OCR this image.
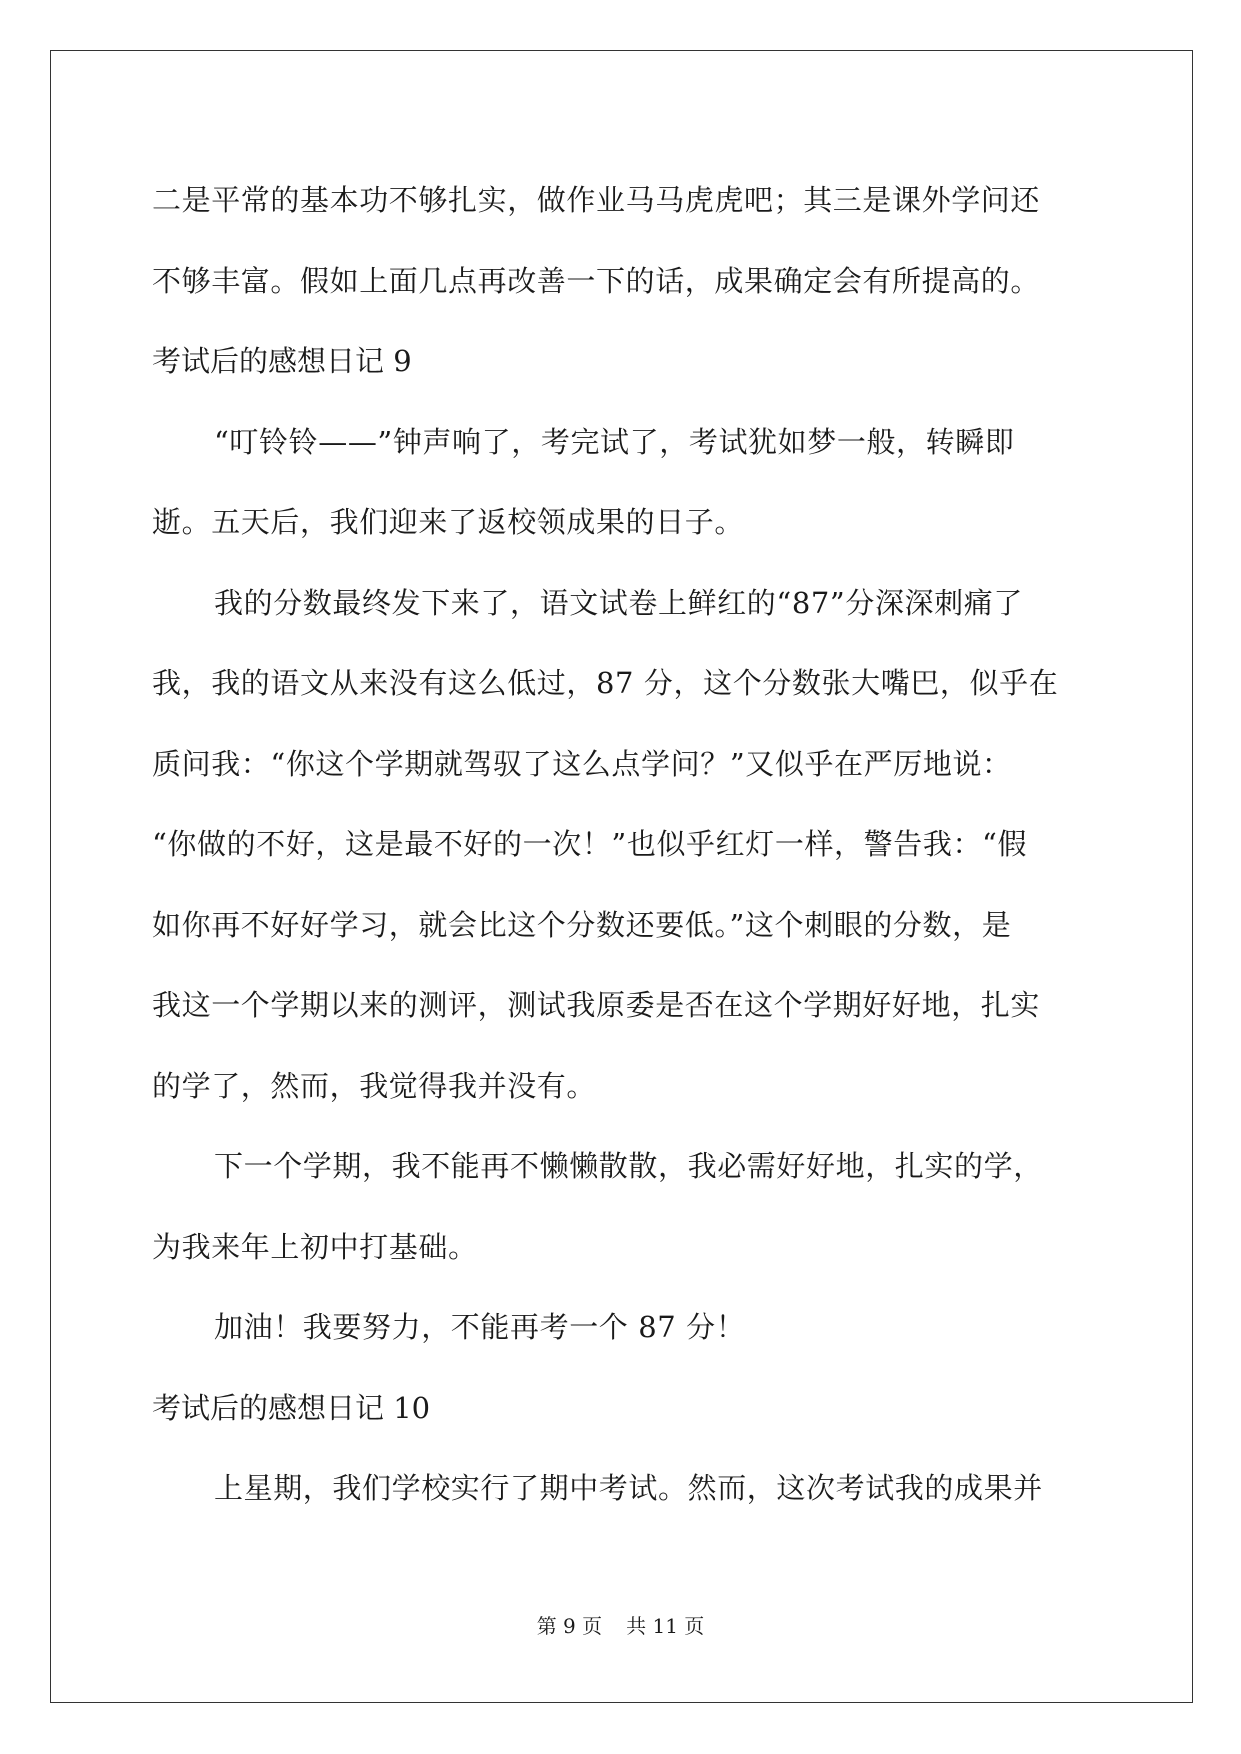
二是平常的基本功不够扎实，做作业马马虎虎吧；其三是课外学问还
不够丰富。假如上面几点再改善一下的话，成果确定会有所提高的。
考试后的感想日记 9
“叮铃铃——”钟声响了，考完试了，考试犹如梦一般，转瞬即
逝。五天后，我们迎来了返校领成果的日子。
我的分数最终发下来了，语文试卷上鲜红的“87”分深深刺痛了
我，我的语文从来没有这么低过，87 分，这个分数张大嘴巴，似乎在
质问我：“你这个学期就驾驭了这么点学问？”又似乎在严厉地说：
“你做的不好，这是最不好的一次！”也似乎红灯一样，警告我：“假
如你再不好好学习，就会比这个分数还要低。”这个刺眼的分数，是
我这一个学期以来的测评，测试我原委是否在这个学期好好地，扎实
的学了，然而，我觉得我并没有。
下一个学期，我不能再不懒懒散散，我必需好好地，扎实的学，
为我来年上初中打基础。
加油！我要努力，不能再考一个 87 分！
考试后的感想日记 10
上星期，我们学校实行了期中考试。然而，这次考试我的成果并
第 9 页 共 11 页
